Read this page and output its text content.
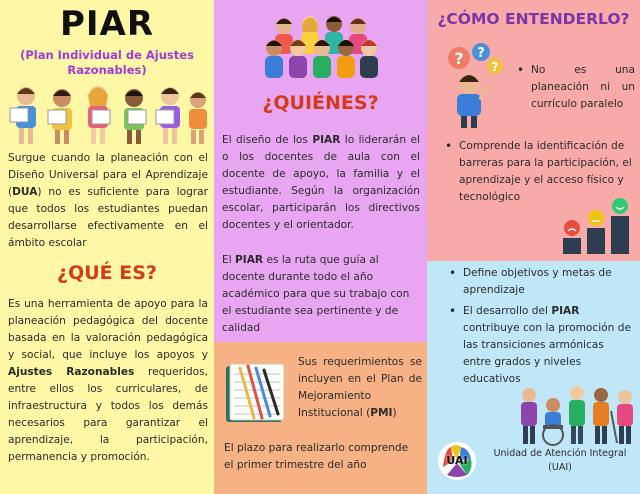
PIAR
(Plan Individual de Ajustes
Razonables)

Surgue cuando la planeación con el Diseño Universal para el Aprendizaje (DUA) no es suficiente para lograr que todos los estudiantes puedan desarrollarse efectivamente en el ámbito escolar

¿QUÉ ES?

Es una herramienta de apoyo para la planeación pedagógica del docente basada en la valoración pedagógica y social, que incluye los apoyos y Ajustes Razonables requeridos, entre ellos los curriculares, de infraestructura y todos los demás necesarios para garantizar el aprendizaje, la participación, permanencia y promoción.

¿QUIÉNES?

El diseño de los PIAR lo liderarán el o los docentes de aula con el docente de apoyo, la familia y el estudiante. Según la organización escolar, participarán los directivos docentes y el orientador.

El PIAR es la ruta que guía al docente durante todo el año académico para que su trabajo con el estudiante sea pertinente y de calidad

Sus requerimientos se incluyen en el Plan de Mejoramiento Institucional (PMI)

El plazo para realizarlo comprende el primer trimestre del año

¿CÓMO ENTENDERLO?
? ?
?
•	No es una planeación ni un currículo paralelo
• Comprende la identificación de barreras para la participación, el aprendizaje y el acceso físico y tecnológico
• Define objetivos y metas de aprendizaje
• El desarrollo del PIAR contribuye con la promoción de las transiciones armónicas entre grados y niveles educativos
UAI
Unidad de Atención Integral
(UAI)
